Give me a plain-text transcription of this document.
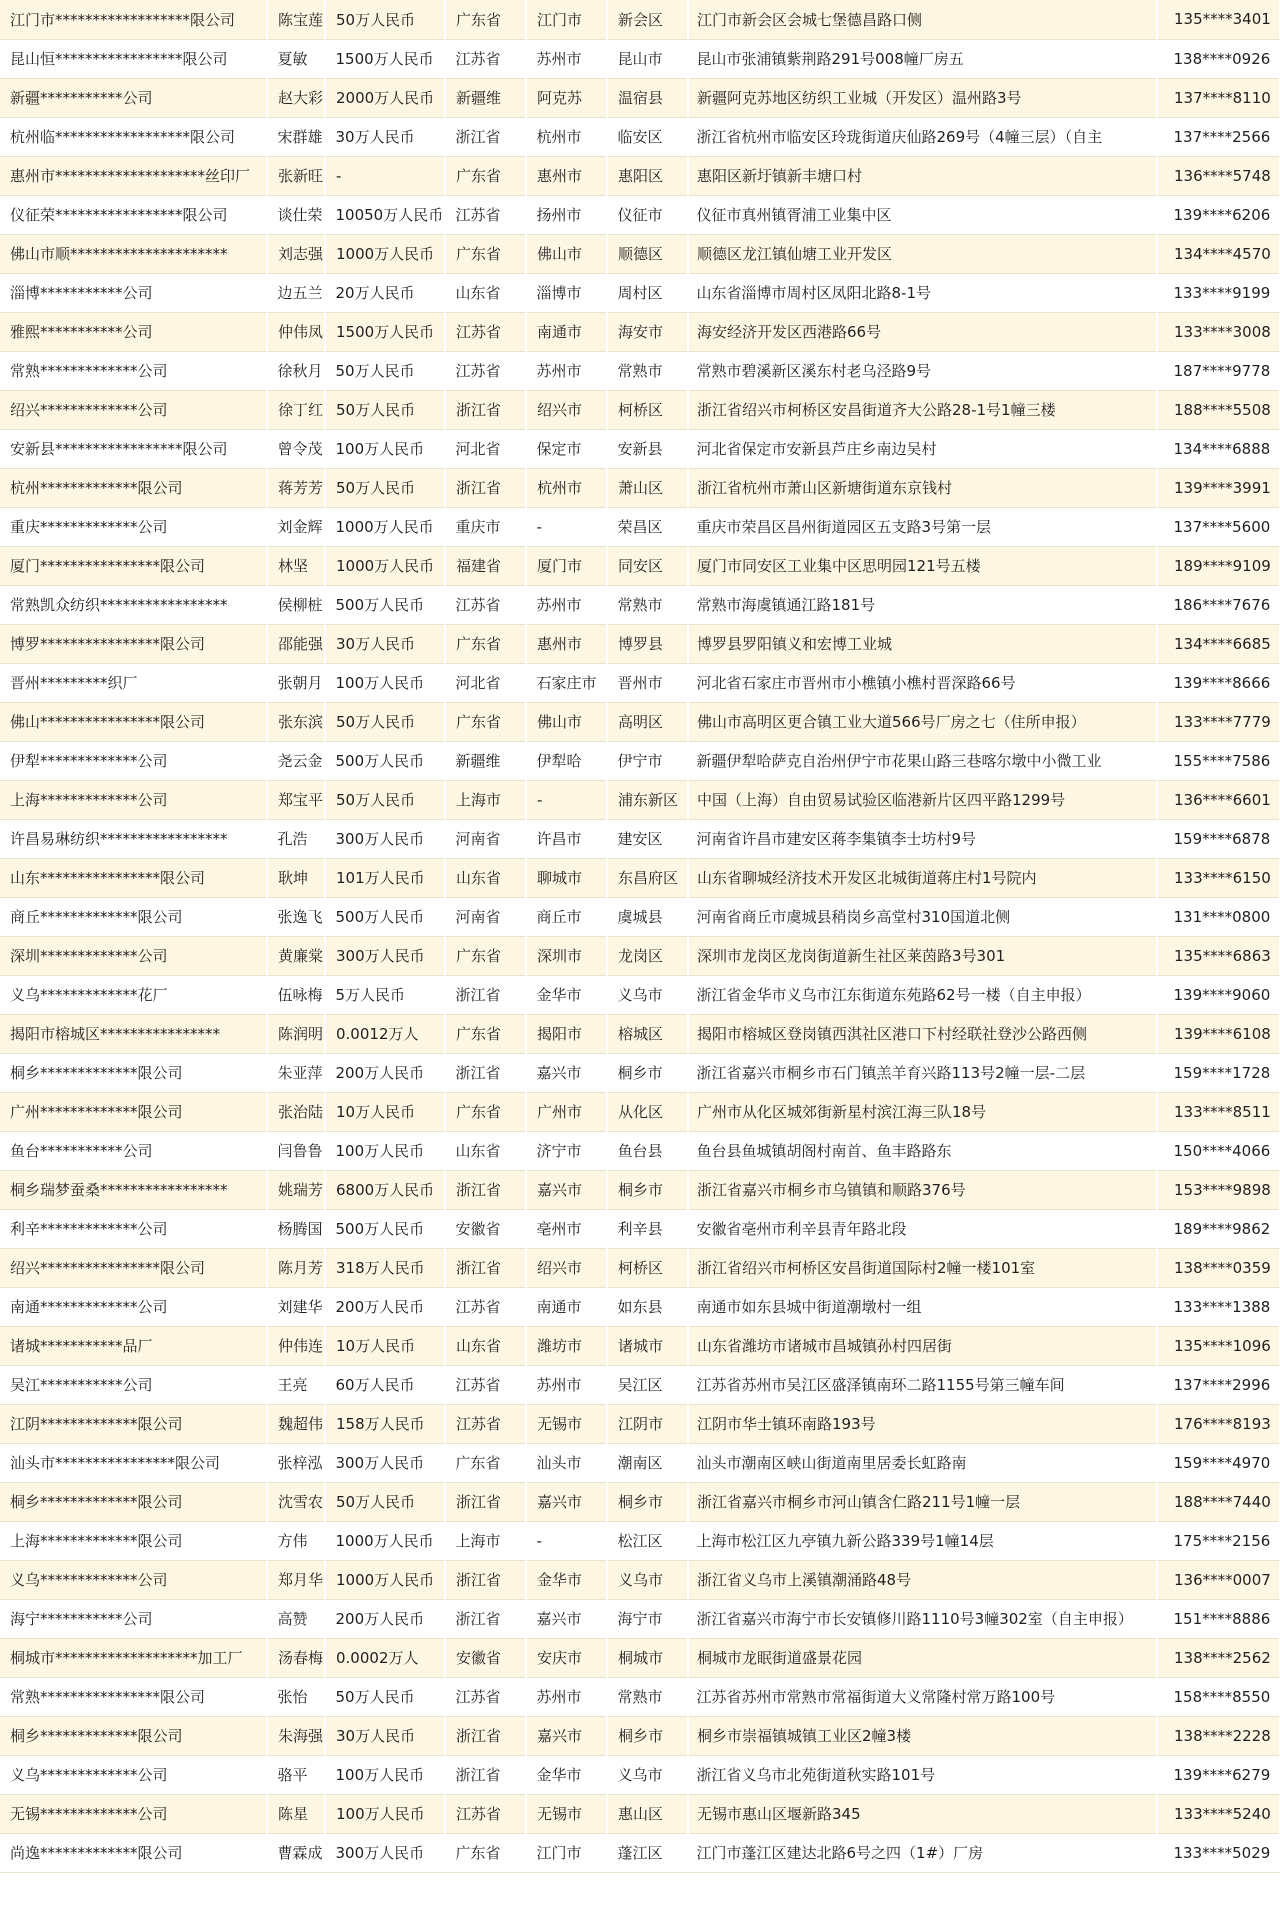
江门市******************限公司	陈宝莲	50万人民币	广东省	江门市	新会区	江门市新会区会城七堡德昌路口侧	135****3401
昆山恒*****************限公司	夏敏	1500万人民币	江苏省	苏州市	昆山市	昆山市张浦镇紫荆路291号008幢厂房五	138****0926
新疆***********公司	赵大彩	2000万人民币	新疆维	阿克苏	温宿县	新疆阿克苏地区纺织工业城（开发区）温州路3号	137****8110
杭州临******************限公司	宋群雄	30万人民币	浙江省	杭州市	临安区	浙江省杭州市临安区玲珑街道庆仙路269号（4幢三层）（自主	137****2566
惠州市********************丝印厂	张新旺	-	广东省	惠州市	惠阳区	惠阳区新圩镇新丰塘口村	136****5748
仪征荣*****************限公司	谈仕荣	10050万人民币	江苏省	扬州市	仪征市	仪征市真州镇胥浦工业集中区	139****6206
佛山市顺*********************	刘志强	1000万人民币	广东省	佛山市	顺德区	顺德区龙江镇仙塘工业开发区	134****4570
淄博***********公司	边五兰	20万人民币	山东省	淄博市	周村区	山东省淄博市周村区凤阳北路8-1号	133****9199
雅熙***********公司	仲伟凤	1500万人民币	江苏省	南通市	海安市	海安经济开发区西港路66号	133****3008
常熟*************公司	徐秋月	50万人民币	江苏省	苏州市	常熟市	常熟市碧溪新区溪东村老乌泾路9号	187****9778
绍兴*************公司	徐丁红	50万人民币	浙江省	绍兴市	柯桥区	浙江省绍兴市柯桥区安昌街道齐大公路28-1号1幢三楼	188****5508
安新县*****************限公司	曾令茂	100万人民币	河北省	保定市	安新县	河北省保定市安新县芦庄乡南边吴村	134****6888
杭州*************限公司	蒋芳芳	50万人民币	浙江省	杭州市	萧山区	浙江省杭州市萧山区新塘街道东京钱村	139****3991
重庆*************公司	刘金辉	1000万人民币	重庆市	-	荣昌区	重庆市荣昌区昌州街道园区五支路3号第一层	137****5600
厦门****************限公司	林坚	1000万人民币	福建省	厦门市	同安区	厦门市同安区工业集中区思明园121号五楼	189****9109
常熟凯众纺织*****************	侯柳桩	500万人民币	江苏省	苏州市	常熟市	常熟市海虞镇通江路181号	186****7676
博罗****************限公司	邵能强	30万人民币	广东省	惠州市	博罗县	博罗县罗阳镇义和宏博工业城	134****6685
晋州*********织厂	张朝月	100万人民币	河北省	石家庄市	晋州市	河北省石家庄市晋州市小樵镇小樵村晋深路66号	139****8666
佛山****************限公司	张东滨	50万人民币	广东省	佛山市	高明区	佛山市高明区更合镇工业大道566号厂房之七（住所申报）	133****7779
伊犁*************公司	尧云金	500万人民币	新疆维	伊犁哈	伊宁市	新疆伊犁哈萨克自治州伊宁市花果山路三巷喀尔墩中小微工业	155****7586
上海*************公司	郑宝平	50万人民币	上海市	-	浦东新区	中国（上海）自由贸易试验区临港新片区四平路1299号	136****6601
许昌易琳纺织*****************	孔浩	300万人民币	河南省	许昌市	建安区	河南省许昌市建安区蒋李集镇李士坊村9号	159****6878
山东****************限公司	耿坤	101万人民币	山东省	聊城市	东昌府区	山东省聊城经济技术开发区北城街道蒋庄村1号院内	133****6150
商丘*************限公司	张逸飞	500万人民币	河南省	商丘市	虞城县	河南省商丘市虞城县稍岗乡高堂村310国道北侧	131****0800
深圳*************公司	黄廉棠	300万人民币	广东省	深圳市	龙岗区	深圳市龙岗区龙岗街道新生社区莱茵路3号301	135****6863
义乌*************花厂	伍咏梅	5万人民币	浙江省	金华市	义乌市	浙江省金华市义乌市江东街道东苑路62号一楼（自主申报）	139****9060
揭阳市榕城区****************	陈润明	0.0012万人	广东省	揭阳市	榕城区	揭阳市榕城区登岗镇西淇社区港口下村经联社登沙公路西侧	139****6108
桐乡*************限公司	朱亚萍	200万人民币	浙江省	嘉兴市	桐乡市	浙江省嘉兴市桐乡市石门镇羔羊育兴路113号2幢一层-二层	159****1728
广州*************限公司	张治陆	10万人民币	广东省	广州市	从化区	广州市从化区城郊街新星村滨江海三队18号	133****8511
鱼台***********公司	闫鲁鲁	100万人民币	山东省	济宁市	鱼台县	鱼台县鱼城镇胡阁村南首、鱼丰路路东	150****4066
桐乡瑞梦蚕桑*****************	姚瑞芳	6800万人民币	浙江省	嘉兴市	桐乡市	浙江省嘉兴市桐乡市乌镇镇和顺路376号	153****9898
利辛*************公司	杨腾国	500万人民币	安徽省	亳州市	利辛县	安徽省亳州市利辛县青年路北段	189****9862
绍兴****************限公司	陈月芳	318万人民币	浙江省	绍兴市	柯桥区	浙江省绍兴市柯桥区安昌街道国际村2幢一楼101室	138****0359
南通*************公司	刘建华	200万人民币	江苏省	南通市	如东县	南通市如东县城中街道潮墩村一组	133****1388
诸城***********品厂	仲伟连	10万人民币	山东省	潍坊市	诸城市	山东省潍坊市诸城市昌城镇孙村四居街	135****1096
吴江***********公司	王亮	60万人民币	江苏省	苏州市	吴江区	江苏省苏州市吴江区盛泽镇南环二路1155号第三幢车间	137****2996
江阴*************限公司	魏超伟	158万人民币	江苏省	无锡市	江阴市	江阴市华士镇环南路193号	176****8193
汕头市****************限公司	张梓泓	300万人民币	广东省	汕头市	潮南区	汕头市潮南区峡山街道南里居委长虹路南	159****4970
桐乡*************限公司	沈雪农	50万人民币	浙江省	嘉兴市	桐乡市	浙江省嘉兴市桐乡市河山镇含仁路211号1幢一层	188****7440
上海*************限公司	方伟	1000万人民币	上海市	-	松江区	上海市松江区九亭镇九新公路339号1幢14层	175****2156
义乌*************公司	郑月华	1000万人民币	浙江省	金华市	义乌市	浙江省义乌市上溪镇潮涌路48号	136****0007
海宁***********公司	高赞	200万人民币	浙江省	嘉兴市	海宁市	浙江省嘉兴市海宁市长安镇修川路1110号3幢302室（自主申报）	151****8886
桐城市*******************加工厂	汤春梅	0.0002万人	安徽省	安庆市	桐城市	桐城市龙眠街道盛景花园	138****2562
常熟****************限公司	张怡	50万人民币	江苏省	苏州市	常熟市	江苏省苏州市常熟市常福街道大义常隆村常万路100号	158****8550
桐乡*************限公司	朱海强	30万人民币	浙江省	嘉兴市	桐乡市	桐乡市崇福镇城镇工业区2幢3楼	138****2228
义乌*************公司	骆平	100万人民币	浙江省	金华市	义乌市	浙江省义乌市北苑街道秋实路101号	139****6279
无锡*************公司	陈星	100万人民币	江苏省	无锡市	惠山区	无锡市惠山区堰新路345	133****5240
尚逸*************限公司	曹霖成	300万人民币	广东省	江门市	蓬江区	江门市蓬江区建达北路6号之四（1#）厂房	133****5029
